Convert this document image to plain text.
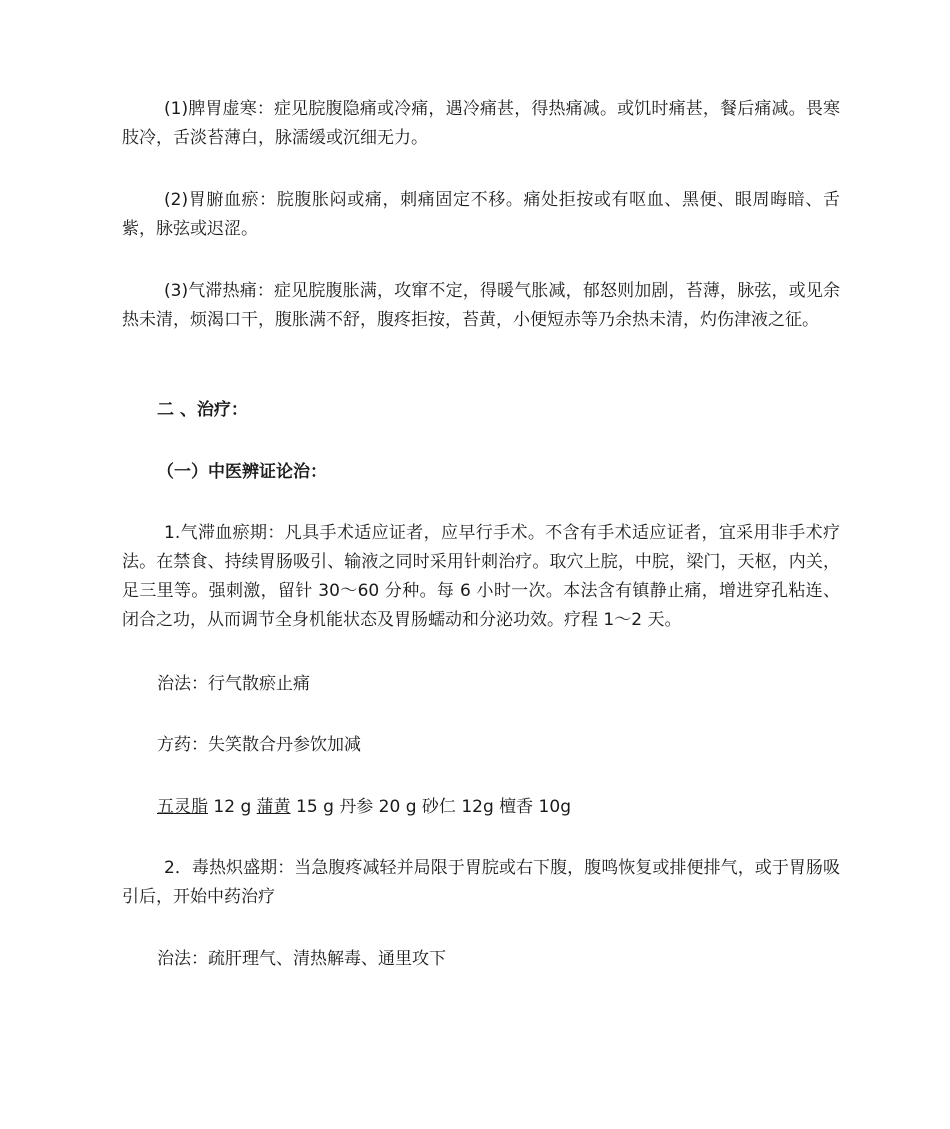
(1)脾胃虚寒：症见脘腹隐痛或冷痛，遇冷痛甚，得热痛减。或饥时痛甚，餐后痛减。畏寒肢冷，舌淡苔薄白，脉濡缓或沉细无力。

(2)胃腑血瘀：脘腹胀闷或痛，刺痛固定不移。痛处拒按或有呕血、黑便、眼周晦暗、舌紫，脉弦或迟涩。

(3)气滞热痛：症见脘腹胀满，攻窜不定，得暖气胀减，郁怒则加剧，苔薄，脉弦，或见余热未清，烦渴口干，腹胀满不舒，腹疼拒按，苔黄，小便短赤等乃余热未清，灼伤津液之征。

二 、治疗：

（一）中医辨证论治：

1.气滞血瘀期：凡具手术适应证者，应早行手术。不含有手术适应证者，宜采用非手术疗法。在禁食、持续胃肠吸引、输液之同时采用针刺治疗。取穴上脘，中脘，梁门，天枢，内关，足三里等。强刺激，留针 30～60 分种。每 6 小时一次。本法含有镇静止痛，增进穿孔粘连、闭合之功，从而调节全身机能状态及胃肠蠕动和分泌功效。疗程 1～2 天。

治法：行气散瘀止痛

方药：失笑散合丹参饮加减

五灵脂 12 g 蒲黄 15 g 丹参 20 g 砂仁 12g 檀香 10g

2．毒热炽盛期：当急腹疼减轻并局限于胃脘或右下腹，腹鸣恢复或排便排气，或于胃肠吸引后，开始中药治疗

治法：疏肝理气、清热解毒、通里攻下
